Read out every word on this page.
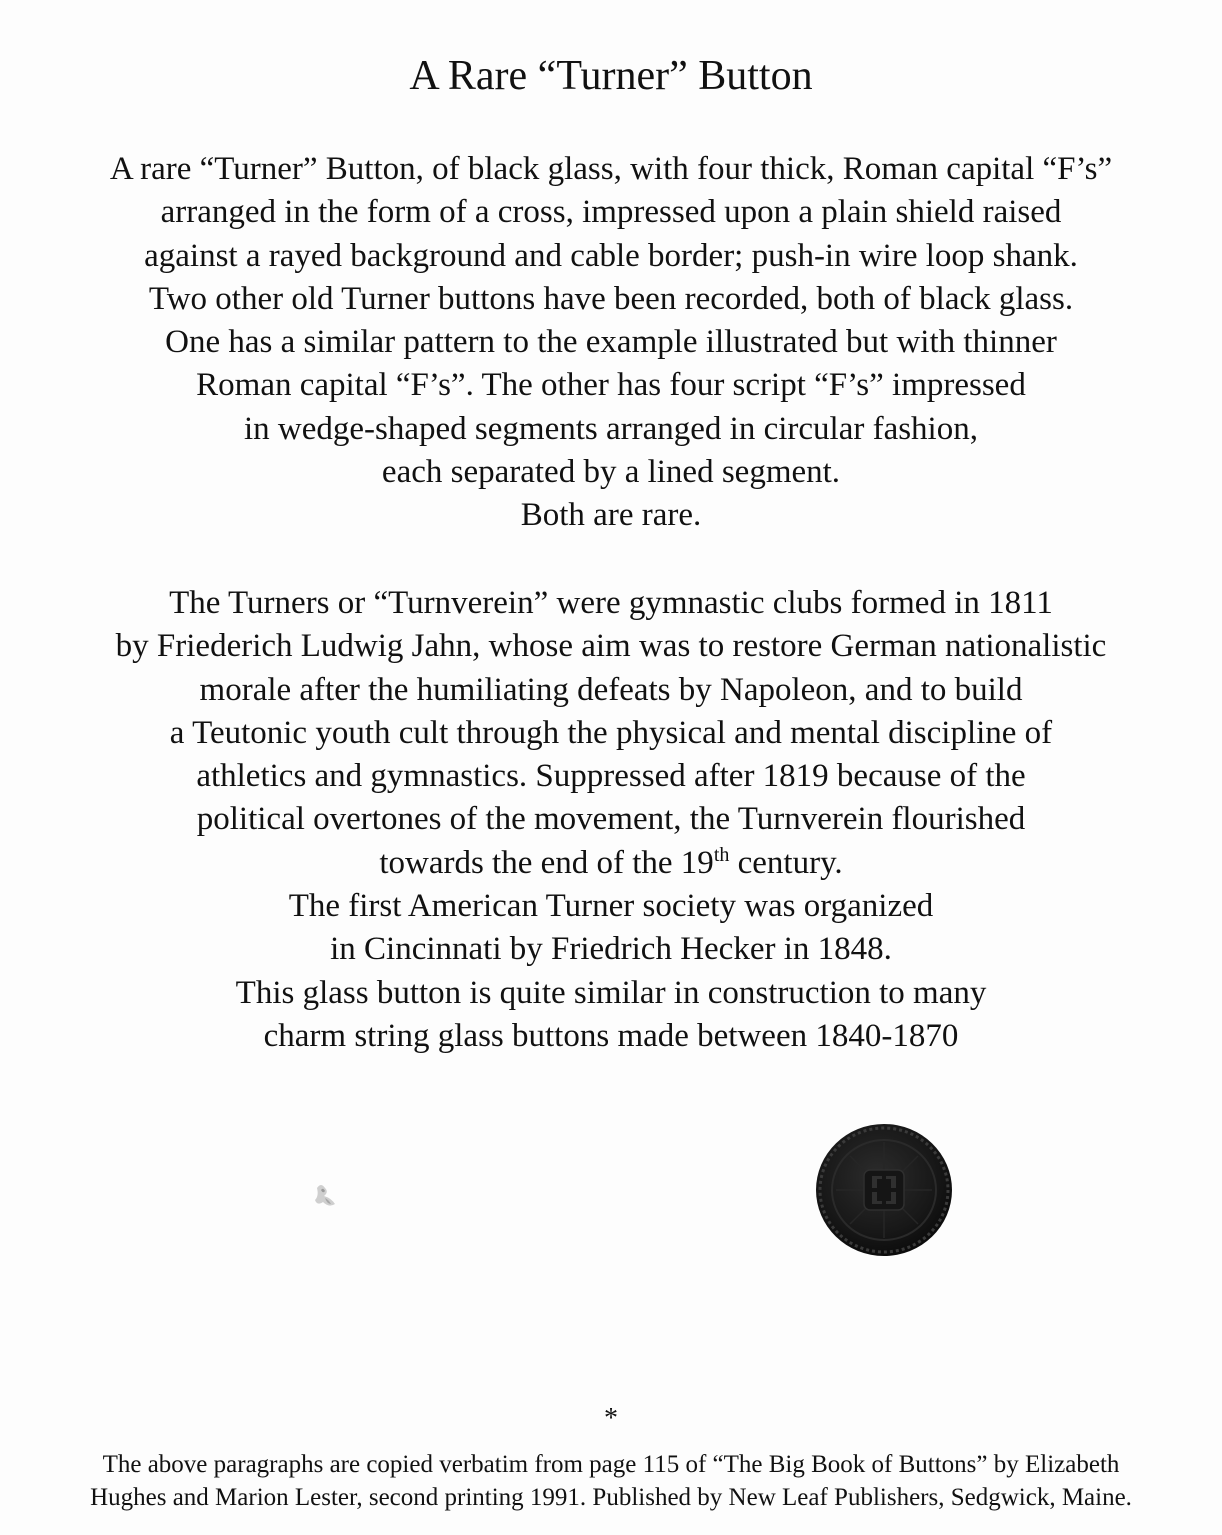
A Rare “Turner” Button
A rare “Turner” Button, of black glass, with four thick, Roman capital “F’s”
arranged in the form of a cross, impressed upon a plain shield raised
against a rayed background and cable border; push-in wire loop shank.
Two other old Turner buttons have been recorded, both of black glass.
One has a similar pattern to the example illustrated but with thinner
Roman capital “F’s”. The other has four script “F’s” impressed
in wedge-shaped segments arranged in circular fashion,
each separated by a lined segment.
Both are rare.
The Turners or “Turnverein” were gymnastic clubs formed in 1811
by Friederich Ludwig Jahn, whose aim was to restore German nationalistic
morale after the humiliating defeats by Napoleon, and to build
a Teutonic youth cult through the physical and mental discipline of
athletics and gymnastics. Suppressed after 1819 because of the
political overtones of the movement, the Turnverein flourished
towards the end of the 19th century.
The first American Turner society was organized
in Cincinnati by Friedrich Hecker in 1848.
This glass button is quite similar in construction to many
charm string glass buttons made between 1840-1870
*
The above paragraphs are copied verbatim from page 115 of “The Big Book of Buttons” by Elizabeth
Hughes and Marion Lester, second printing 1991. Published by New Leaf Publishers, Sedgwick, Maine.
